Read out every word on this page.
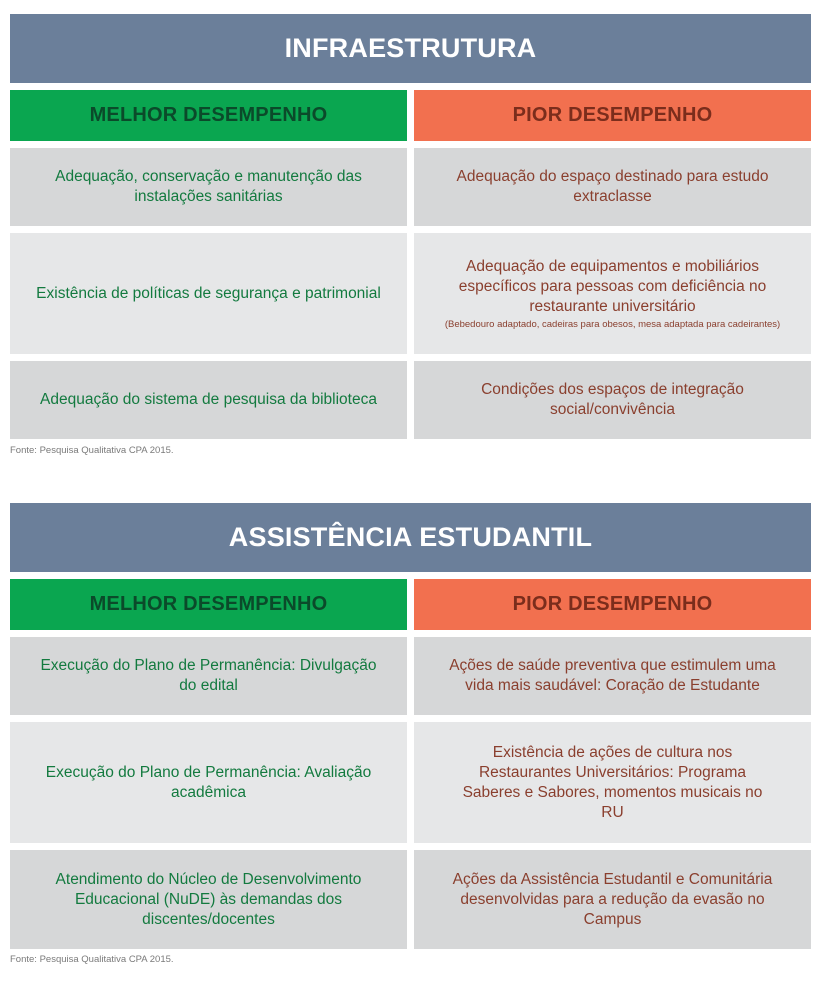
INFRAESTRUTURA
MELHOR DESEMPENHO	PIOR DESEMPENHO
Adequação, conservação e manutenção das instalações sanitárias
Adequação do espaço destinado para estudo extraclasse
Existência de políticas de segurança e patrimonial
Adequação de equipamentos e mobiliários específicos para pessoas com deficiência no restaurante universitário
(Bebedouro adaptado, cadeiras para obesos, mesa adaptada para cadeirantes)
Adequação do sistema de pesquisa da biblioteca
Condições dos espaços de integração social/convivência
Fonte: Pesquisa Qualitativa CPA 2015.
ASSISTÊNCIA ESTUDANTIL
MELHOR DESEMPENHO	PIOR DESEMPENHO
Execução do Plano de Permanência: Divulgação do edital
Ações de saúde preventiva que estimulem uma vida mais saudável: Coração de Estudante
Execução do Plano de Permanência: Avaliação acadêmica
Existência de ações de cultura nos Restaurantes Universitários: Programa Saberes e Sabores, momentos musicais no RU
Atendimento do Núcleo de Desenvolvimento Educacional (NuDE) às demandas dos discentes/docentes
Ações da Assistência Estudantil e Comunitária desenvolvidas para a redução da evasão no Campus
Fonte: Pesquisa Qualitativa CPA 2015.
